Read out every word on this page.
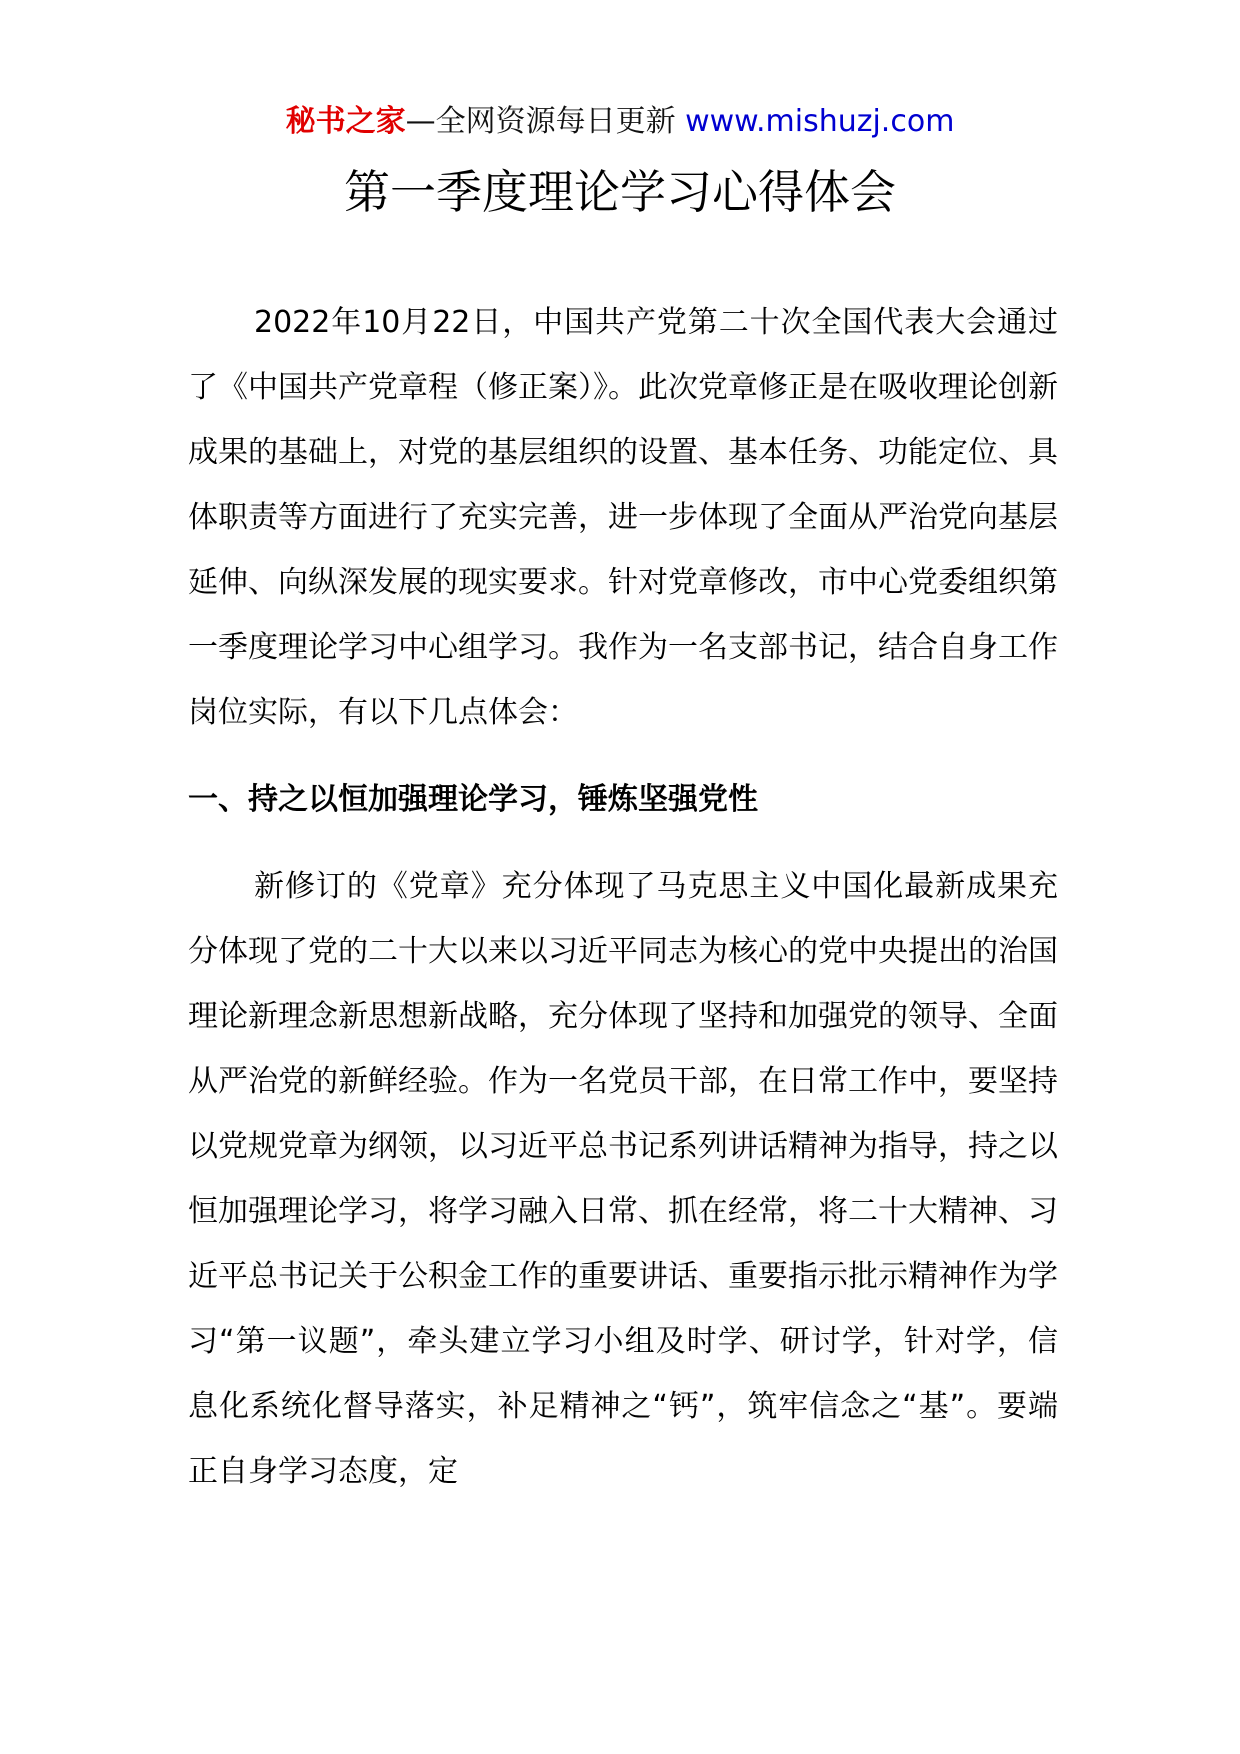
秘书之家—全网资源每日更新 www.mishuzj.com
第一季度理论学习心得体会

2022年10月22日，中国共产党第二十次全国代表大会通过了《中国共产党章程（修正案）》。此次党章修正是在吸收理论创新成果的基础上，对党的基层组织的设置、基本任务、功能定位、具体职责等方面进行了充实完善，进一步体现了全面从严治党向基层延伸、向纵深发展的现实要求。针对党章修改，市中心党委组织第一季度理论学习中心组学习。我作为一名支部书记，结合自身工作岗位实际，有以下几点体会：

一、持之以恒加强理论学习，锤炼坚强党性

新修订的《党章》充分体现了马克思主义中国化最新成果充分体现了党的二十大以来以习近平同志为核心的党中央提出的治国理论新理念新思想新战略，充分体现了坚持和加强党的领导、全面从严治党的新鲜经验。作为一名党员干部，在日常工作中，要坚持以党规党章为纲领，以习近平总书记系列讲话精神为指导，持之以恒加强理论学习，将学习融入日常、抓在经常，将二十大精神、习近平总书记关于公积金工作的重要讲话、重要指示批示精神作为学习“第一议题”，牵头建立学习小组及时学、研讨学，针对学，信息化系统化督导落实，补足精神之“钙”，筑牢信念之“基”。要端正自身学习态度，定
